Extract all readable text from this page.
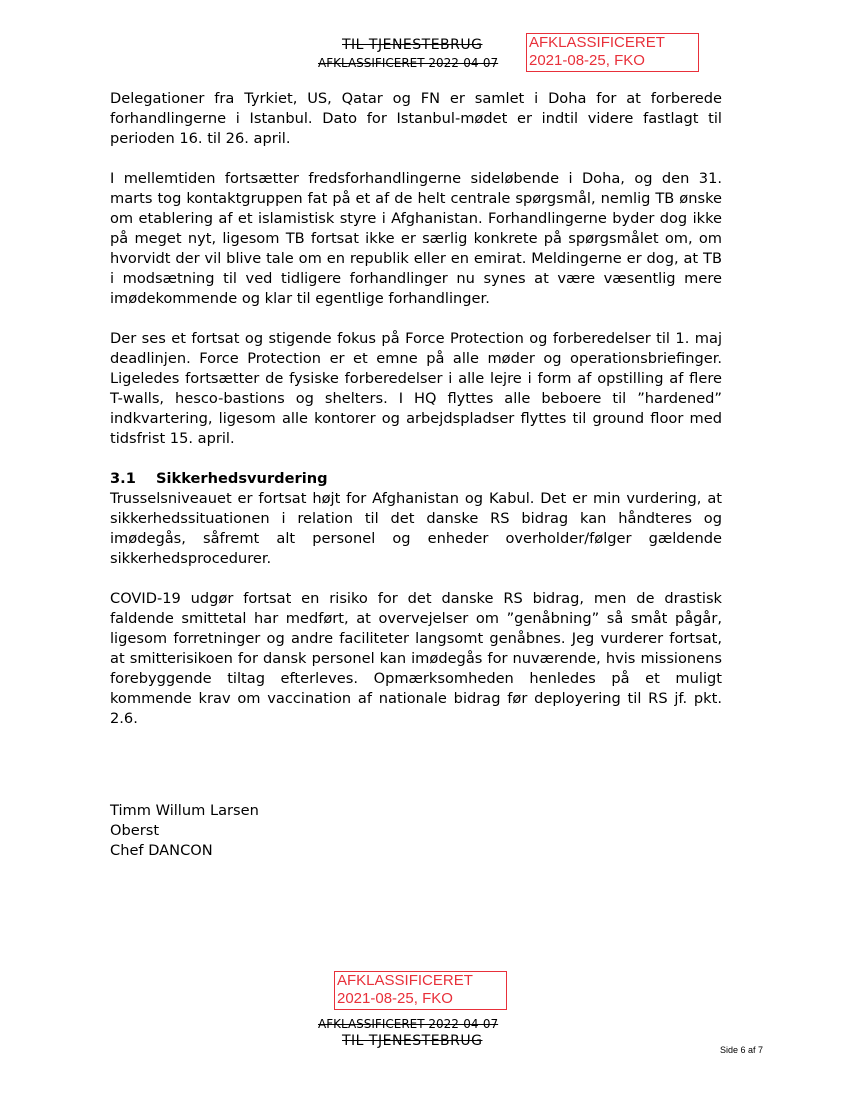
TIL TJENESTEBRUG
AFKLASSIFICERET 2022-04-07
AFKLASSIFICERET
2021-08-25, FKO

Delegationer fra Tyrkiet, US, Qatar og FN er samlet i Doha for at forberede forhandlingerne i Istanbul. Dato for Istanbul-mødet er indtil videre fastlagt til perioden 16. til 26. april.

I mellemtiden fortsætter fredsforhandlingerne sideløbende i Doha, og den 31. marts tog kontaktgruppen fat på et af de helt centrale spørgsmål, nemlig TB ønske om etablering af et islamistisk styre i Afghanistan. Forhandlingerne byder dog ikke på meget nyt, ligesom TB fortsat ikke er særlig konkrete på spørgsmålet om, om hvorvidt der vil blive tale om en republik eller en emirat. Meldingerne er dog, at TB i modsætning til ved tidligere forhandlinger nu synes at være væsentlig mere imødekommende og klar til egentlige forhandlinger.

Der ses et fortsat og stigende fokus på Force Protection og forberedelser til 1. maj deadlinjen. Force Protection er et emne på alle møder og operationsbriefinger. Ligeledes fortsætter de fysiske forberedelser i alle lejre i form af opstilling af flere T-walls, hesco-bastions og shelters. I HQ flyttes alle beboere til ”hardened” indkvartering, ligesom alle kontorer og arbejdspladser flyttes til ground floor med tidsfrist 15. april.

3.1 Sikkerhedsvurdering

Trusselsniveauet er fortsat højt for Afghanistan og Kabul. Det er min vurdering, at sikkerhedssituationen i relation til det danske RS bidrag kan håndteres og imødegås, såfremt alt personel og enheder overholder/følger gældende sikkerhedsprocedurer.

COVID-19 udgør fortsat en risiko for det danske RS bidrag, men de drastisk faldende smittetal har medført, at overvejelser om ”genåbning” så småt pågår, ligesom forretninger og andre faciliteter langsomt genåbnes. Jeg vurderer fortsat, at smitterisikoen for dansk personel kan imødegås for nuværende, hvis missionens forebyggende tiltag efterleves. Opmærksomheden henledes på et muligt kommende krav om vaccination af nationale bidrag før deployering til RS jf. pkt. 2.6.

Timm Willum Larsen
Oberst
Chef DANCON
AFKLASSIFICERET
2021-08-25, FKO
AFKLASSIFICERET 2022-04-07
TIL TJENESTEBRUG
Side 6 af 7
